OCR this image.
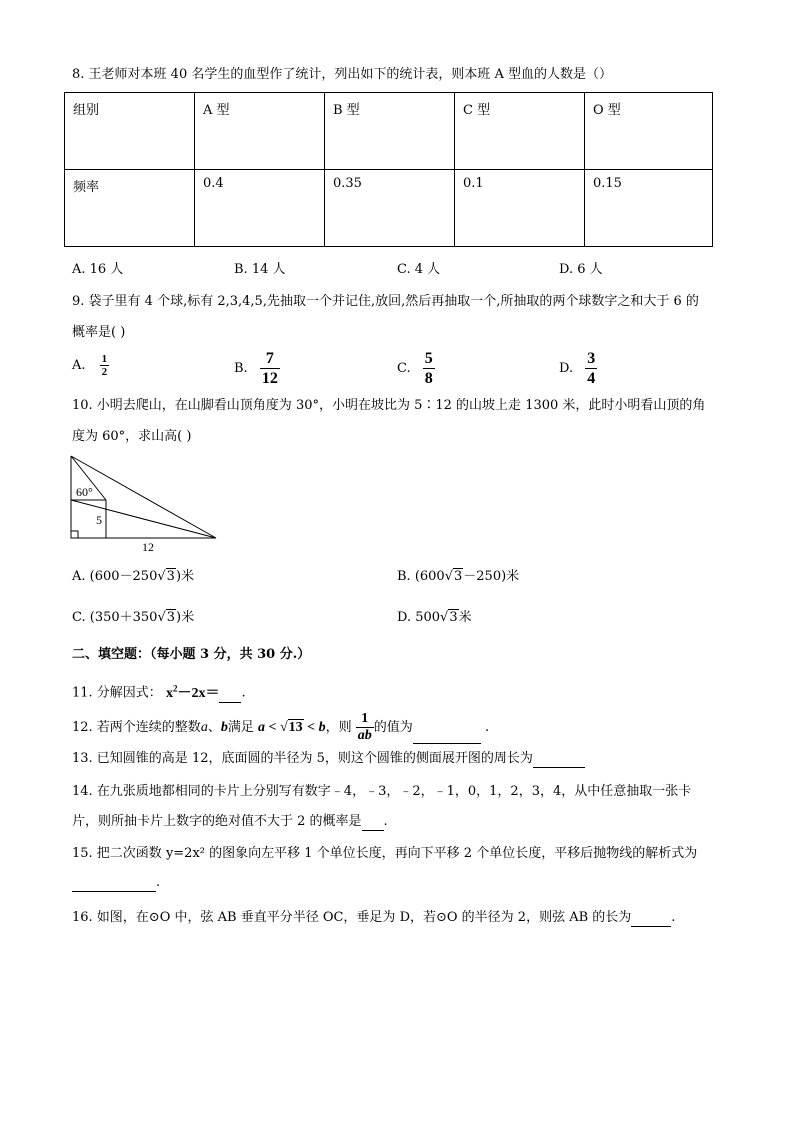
8. 王老师对本班 40 名学生的血型作了统计，列出如下的统计表，则本班 A 型血的人数是（）
组别	A 型	B 型	C 型	O 型
频率	0.4	0.35	0.1	0.15
A. 16 人	B. 14 人	C. 4 人	D. 6 人
9. 袋子里有 4 个球,标有 2,3,4,5,先抽取一个并记住,放回,然后再抽取一个,所抽取的两个球数字之和大于 6 的
概率是( )
A. $\frac{1}{2}$	B. $\frac{7}{12}$	C. $\frac{5}{8}$	D. $\frac{3}{4}$
10. 小明去爬山，在山脚看山顶角度为 30°，小明在坡比为 5∶12 的山坡上走 1300 米，此时小明看山顶的角
度为 60°，求山高( )
60°
5
12
A. (600－250√3)米	B. (600√3－250)米
C. (350＋350√3)米	D. 500√3米
二、填空题：（每小题 3 分，共 30 分.）
11. 分解因式： $x^2-2x=$ .
12. 若两个连续的整数a、b满足 a < √13 < b，则 $\frac{1}{ab}$ 的值为	.
13. 已知圆锥的高是 12，底面圆的半径为 5，则这个圆锥的侧面展开图的周长为
14. 在九张质地都相同的卡片上分别写有数字﹣4，﹣3，﹣2，﹣1，0，1，2，3，4，从中任意抽取一张卡
片，则所抽卡片上数字的绝对值不大于 2 的概率是 .
15. 把二次函数 y=2x² 的图象向左平移 1 个单位长度，再向下平移 2 个单位长度，平移后抛物线的解析式为
.
16. 如图，在⊙O 中，弦 AB 垂直平分半径 OC，垂足为 D，若⊙O 的半径为 2，则弦 AB 的长为	.
